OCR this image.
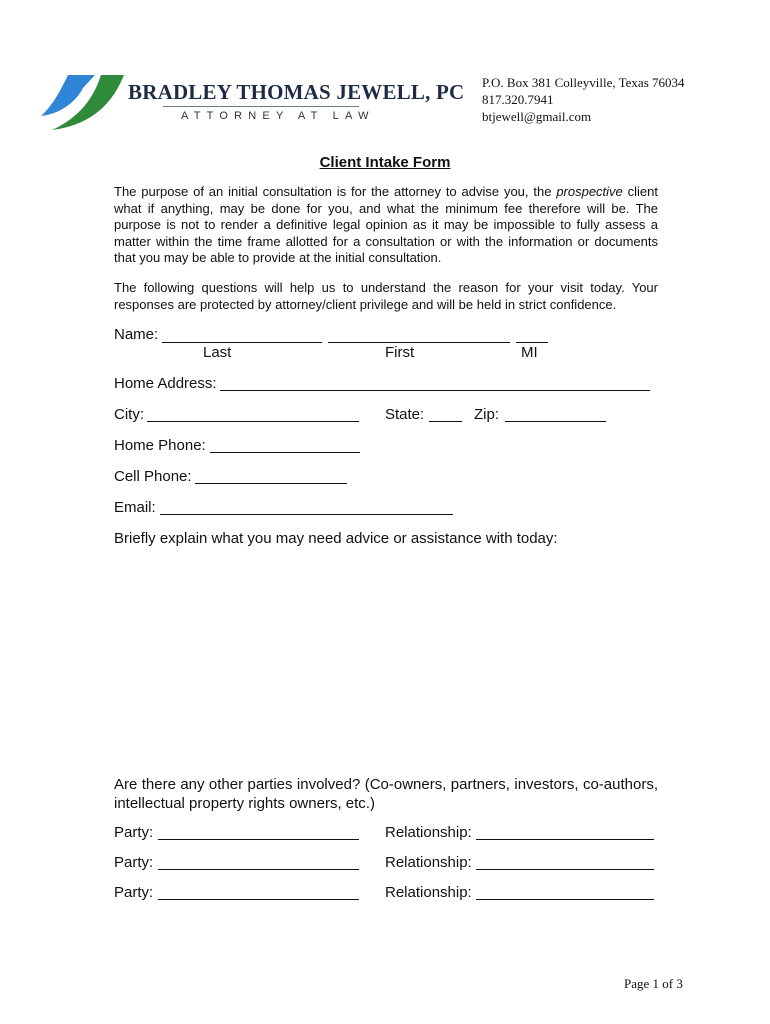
BRADLEY THOMAS JEWELL, PC
ATTORNEY AT LAW
P.O. Box 381 Colleyville, Texas 76034
817.320.7941
btjewell@gmail.com
Client Intake Form
The purpose of an initial consultation is for the attorney to advise you, the prospective client what if anything, may be done for you, and what the minimum fee therefore will be. The purpose is not to render a definitive legal opinion as it may be impossible to fully assess a matter within the time frame allotted for a consultation or with the information or documents that you may be able to provide at the initial consultation.
The following questions will help us to understand the reason for your visit today. Your responses are protected by attorney/client privilege and will be held in strict confidence.
Name:
Last	First	MI
Home Address:
City:	State:	Zip:
Home Phone:
Cell Phone:
Email:
Briefly explain what you may need advice or assistance with today:
Are there any other parties involved? (Co-owners, partners, investors, co-authors, intellectual property rights owners, etc.)
Party:	Relationship:
Party:	Relationship:
Party:	Relationship:
Page 1 of 3
